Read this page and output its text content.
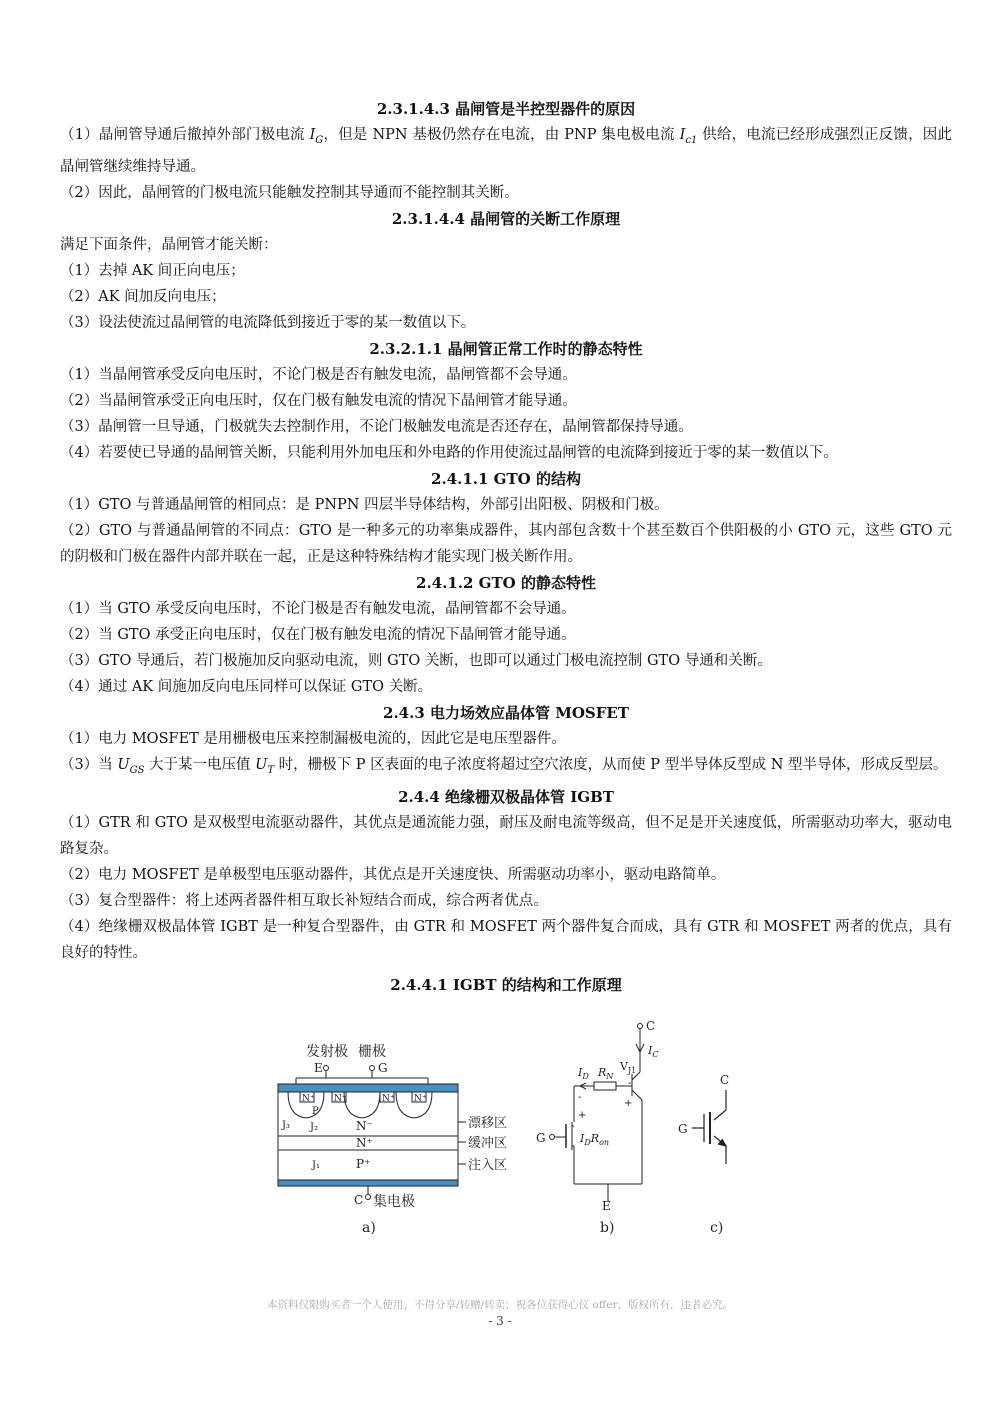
2.3.1.4.3 晶闸管是半控型器件的原因

（1）晶闸管导通后撤掉外部门极电流 $I_G$，但是 NPN 基极仍然存在电流，由 PNP 集电极电流 $I_{c1}$ 供给，电流已经形成强烈正反馈，因此晶闸管继续维持导通。

（2）因此，晶闸管的门极电流只能触发控制其导通而不能控制其关断。

2.3.1.4.4 晶闸管的关断工作原理

满足下面条件，晶闸管才能关断：

（1）去掉 AK 间正向电压；

（2）AK 间加反向电压；

（3）设法使流过晶闸管的电流降低到接近于零的某一数值以下。

2.3.2.1.1 晶闸管正常工作时的静态特性

（1）当晶闸管承受反向电压时，不论门极是否有触发电流，晶闸管都不会导通。

（2）当晶闸管承受正向电压时，仅在门极有触发电流的情况下晶闸管才能导通。

（3）晶闸管一旦导通，门极就失去控制作用，不论门极触发电流是否还存在，晶闸管都保持导通。

（4）若要使已导通的晶闸管关断，只能利用外加电压和外电路的作用使流过晶闸管的电流降到接近于零的某一数值以下。

2.4.1.1 GTO 的结构

（1）GTO 与普通晶闸管的相同点：是 PNPN 四层半导体结构，外部引出阳极、阴极和门极。

（2）GTO 与普通晶闸管的不同点：GTO 是一种多元的功率集成器件，其内部包含数十个甚至数百个供阳极的小 GTO 元，这些 GTO 元的阴极和门极在器件内部并联在一起，正是这种特殊结构才能实现门极关断作用。

2.4.1.2 GTO 的静态特性

（1）当 GTO 承受反向电压时，不论门极是否有触发电流，晶闸管都不会导通。

（2）当 GTO 承受正向电压时，仅在门极有触发电流的情况下晶闸管才能导通。

（3）GTO 导通后，若门极施加反向驱动电流，则 GTO 关断，也即可以通过门极电流控制 GTO 导通和关断。

（4）通过 AK 间施加反向电压同样可以保证 GTO 关断。

2.4.3 电力场效应晶体管 MOSFET

（1）电力 MOSFET 是用栅极电压来控制漏极电流的，因此它是电压型器件。

（3）当 $U_{GS}$ 大于某一电压值 $U_T$ 时，栅极下 P 区表面的电子浓度将超过空穴浓度，从而使 P 型半导体反型成 N 型半导体，形成反型层。

2.4.4 绝缘栅双极晶体管 IGBT

（1）GTR 和 GTO 是双极型电流驱动器件，其优点是通流能力强，耐压及耐电流等级高，但不足是开关速度低，所需驱动功率大，驱动电路复杂。

（2）电力 MOSFET 是单极型电压驱动器件，其优点是开关速度快、所需驱动功率小，驱动电路简单。

（3）复合型器件：将上述两者器件相互取长补短结合而成，综合两者优点。

（4）绝缘栅双极晶体管 IGBT 是一种复合型器件，由 GTR 和 MOSFET 两个器件复合而成，具有 GTR 和 MOSFET 两者的优点，具有良好的特性。

2.4.4.1 IGBT 的结构和工作原理

发射极 栅极
E	G
N⁺
P
N⁺	N⁺ N⁺
N⁻
N⁺
P⁺
J₃ J₂
J₁
漂移区
缓冲区
注入区
C 集电极
a)
C
$I_C$
$I_D$ $R_N$
$V_{J1}$
+
-
-
+
G	$I_DR_{on}$
E
b)
C
G
c)
本资料仅限购买者一个人使用，不得分享/转赠/转卖；祝各位获得心仪 offer，版权所有，违者必究。
- 3 -
